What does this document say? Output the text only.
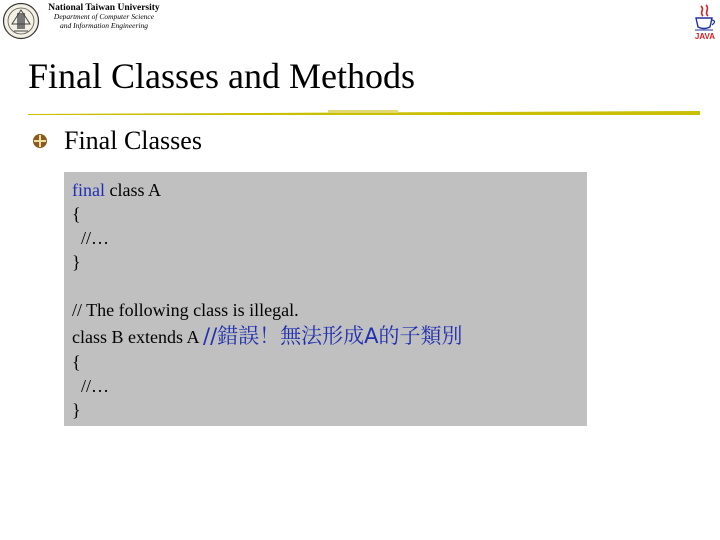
National Taiwan University
Department of Computer Science
and Information Engineering
JAVA
Final Classes and Methods
Final Classes
final class A
{
//…
}
// The following class is illegal.
class B extends A //錯誤！無法形成A的子類別
{
//…
}
